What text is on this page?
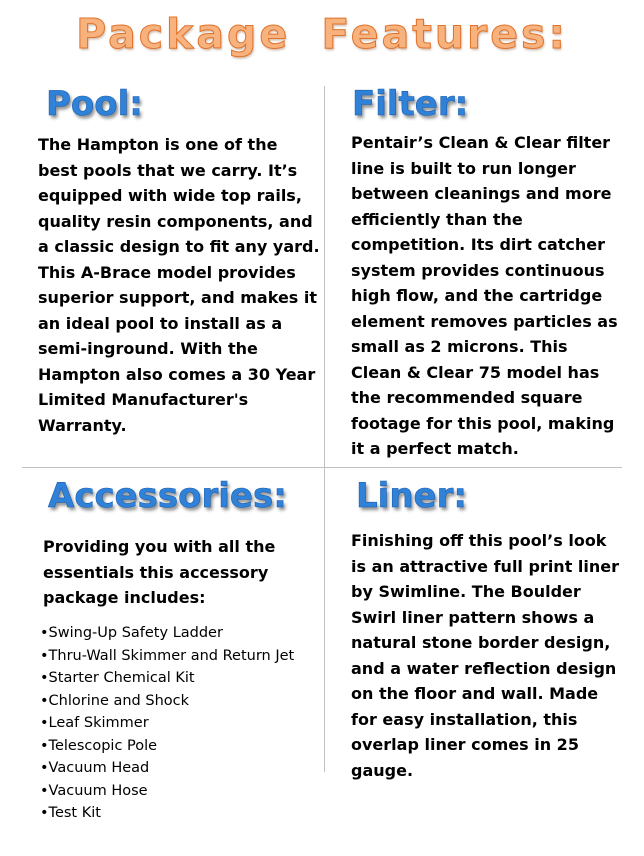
Package Features:
Pool:

The Hampton is one of the best pools that we carry. It’s equipped with wide top rails, quality resin components, and a classic design to fit any yard. This A-Brace model provides superior support, and makes it an ideal pool to install as a semi-inground. With the Hampton also comes a 30 Year Limited Manufacturer's Warranty.

Filter:

Pentair’s Clean & Clear filter line is built to run longer between cleanings and more efficiently than the competition. Its dirt catcher system provides continuous high flow, and the cartridge element removes particles as small as 2 microns. This Clean & Clear 75 model has the recommended square footage for this pool, making it a perfect match.

Accessories:

Providing you with all the essentials this accessory package includes:

•Swing-Up Safety Ladder
•Thru-Wall Skimmer and Return Jet
•Starter Chemical Kit
•Chlorine and Shock
•Leaf Skimmer
•Telescopic Pole
•Vacuum Head
•Vacuum Hose
•Test Kit
Liner:

Finishing off this pool’s look is an attractive full print liner by Swimline. The Boulder Swirl liner pattern shows a natural stone border design, and a water reflection design on the floor and wall. Made for easy installation, this overlap liner comes in 25 gauge.
